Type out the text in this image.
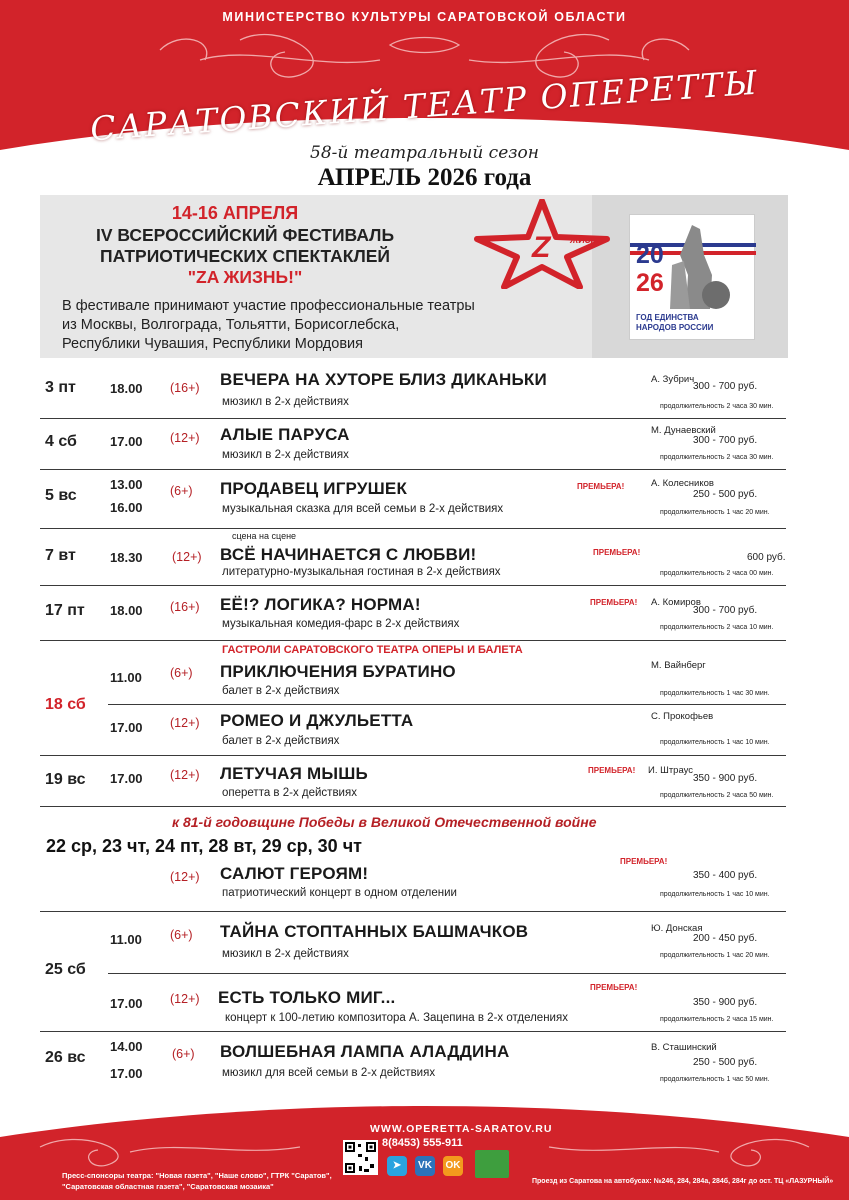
МИНИСТЕРСТВО КУЛЬТУРЫ САРАТОВСКОЙ ОБЛАСТИ
САРАТОВСКИЙ ТЕАТР ОПЕРЕТТЫ
58-й театральный сезон
АПРЕЛЬ 2026 года
14-16 АПРЕЛЯ
IV ВСЕРОССИЙСКИЙ ФЕСТИВАЛЬ
ПАТРИОТИЧЕСКИХ СПЕКТАКЛЕЙ
"ZA ЖИЗНЬ!"
В фестивале принимают участие профессиональные театры
из Москвы, Волгограда, Тольятти, Борисоглебска,
Республики Чувашия, Республики Мордовия
Z ЖИЗНЬ
20
26
ГОД ЕДИНСТВА
НАРОДОВ РОССИИ
3 пт	18.00 (16+) ВЕЧЕРА НА ХУТОРЕ БЛИЗ ДИКАНЬКИ
мюзикл в 2-х действиях
А. Зубрич
300 - 700 руб.
продолжительность 2 часа 30 мин.
4 сб	17.00 (12+) АЛЫЕ ПАРУСА
мюзикл в 2-х действиях
М. Дунаевский
300 - 700 руб.
продолжительность 2 часа 30 мин.
5 вс
13.00
16.00
(6+) ПРОДАВЕЦ ИГРУШЕК	ПРЕМЬЕРА!
музыкальная сказка для всей семьи в 2-х действиях
А. Колесников
250 - 500 руб.
продолжительность 1 час 20 мин.
сцена на сцене
7 вт	18.30 (12+) ВСЁ НАЧИНАЕТСЯ С ЛЮБВИ!	ПРЕМЬЕРА!
литературно-музыкальная гостиная в 2-х действиях
600 руб.
продолжительность 2 часа 00 мин.
17 пт 18.00 (16+) ЕЁ!? ЛОГИКА? НОРМА!	ПРЕМЬЕРА!
музыкальная комедия-фарс в 2-х действиях
А. Комиров
300 - 700 руб.
продолжительность 2 часа 10 мин.
ГАСТРОЛИ САРАТОВСКОГО ТЕАТРА ОПЕРЫ И БАЛЕТА
18 сб
11.00 (6+) ПРИКЛЮЧЕНИЯ БУРАТИНО
балет в 2-х действиях
М. Вайнберг
продолжительность 1 час 30 мин.
17.00 (12+) РОМЕО И ДЖУЛЬЕТТА
балет в 2-х действиях
С. Прокофьев
продолжительность 1 час 10 мин.
19 вс 17.00 (12+) ЛЕТУЧАЯ МЫШЬ	ПРЕМЬЕРА!
оперетта в 2-х действиях
И. Штраус
350 - 900 руб.
продолжительность 2 часа 50 мин.
к 81-й годовщине Победы в Великой Отечественной войне
22 ср, 23 чт, 24 пт, 28 вт, 29 ср, 30 чт
ПРЕМЬЕРА!
(12+) САЛЮТ ГЕРОЯМ!
патриотический концерт в одном отделении
350 - 400 руб.
продолжительность 1 час 10 мин.
25 сб
11.00 (6+) ТАЙНА СТОПТАННЫХ БАШМАЧКОВ
мюзикл в 2-х действиях
Ю. Донская
200 - 450 руб.
продолжительность 1 час 20 мин.
ПРЕМЬЕРА!
17.00 (12+) ЕСТЬ ТОЛЬКО МИГ...
концерт к 100-летию композитора А. Зацепина в 2-х отделениях
350 - 900 руб.
продолжительность 2 часа 15 мин.
26 вс
14.00
17.00
(6+) ВОЛШЕБНАЯ ЛАМПА АЛАДДИНА
мюзикл для всей семьи в 2-х действиях
В. Сташинский
250 - 500 руб.
продолжительность 1 час 50 мин.
WWW.OPERETTA-SARATOV.RU
8(8453) 555-911
➤	VK	OK
Пресс-спонсоры театра: "Новая газета", "Наше слово", ГТРК "Саратов",
"Саратовская областная газета", "Саратовская мозаика"
Проезд из Саратова на автобусах: №246, 284, 284а, 284б, 284г до ост. ТЦ «ЛАЗУРНЫЙ»
